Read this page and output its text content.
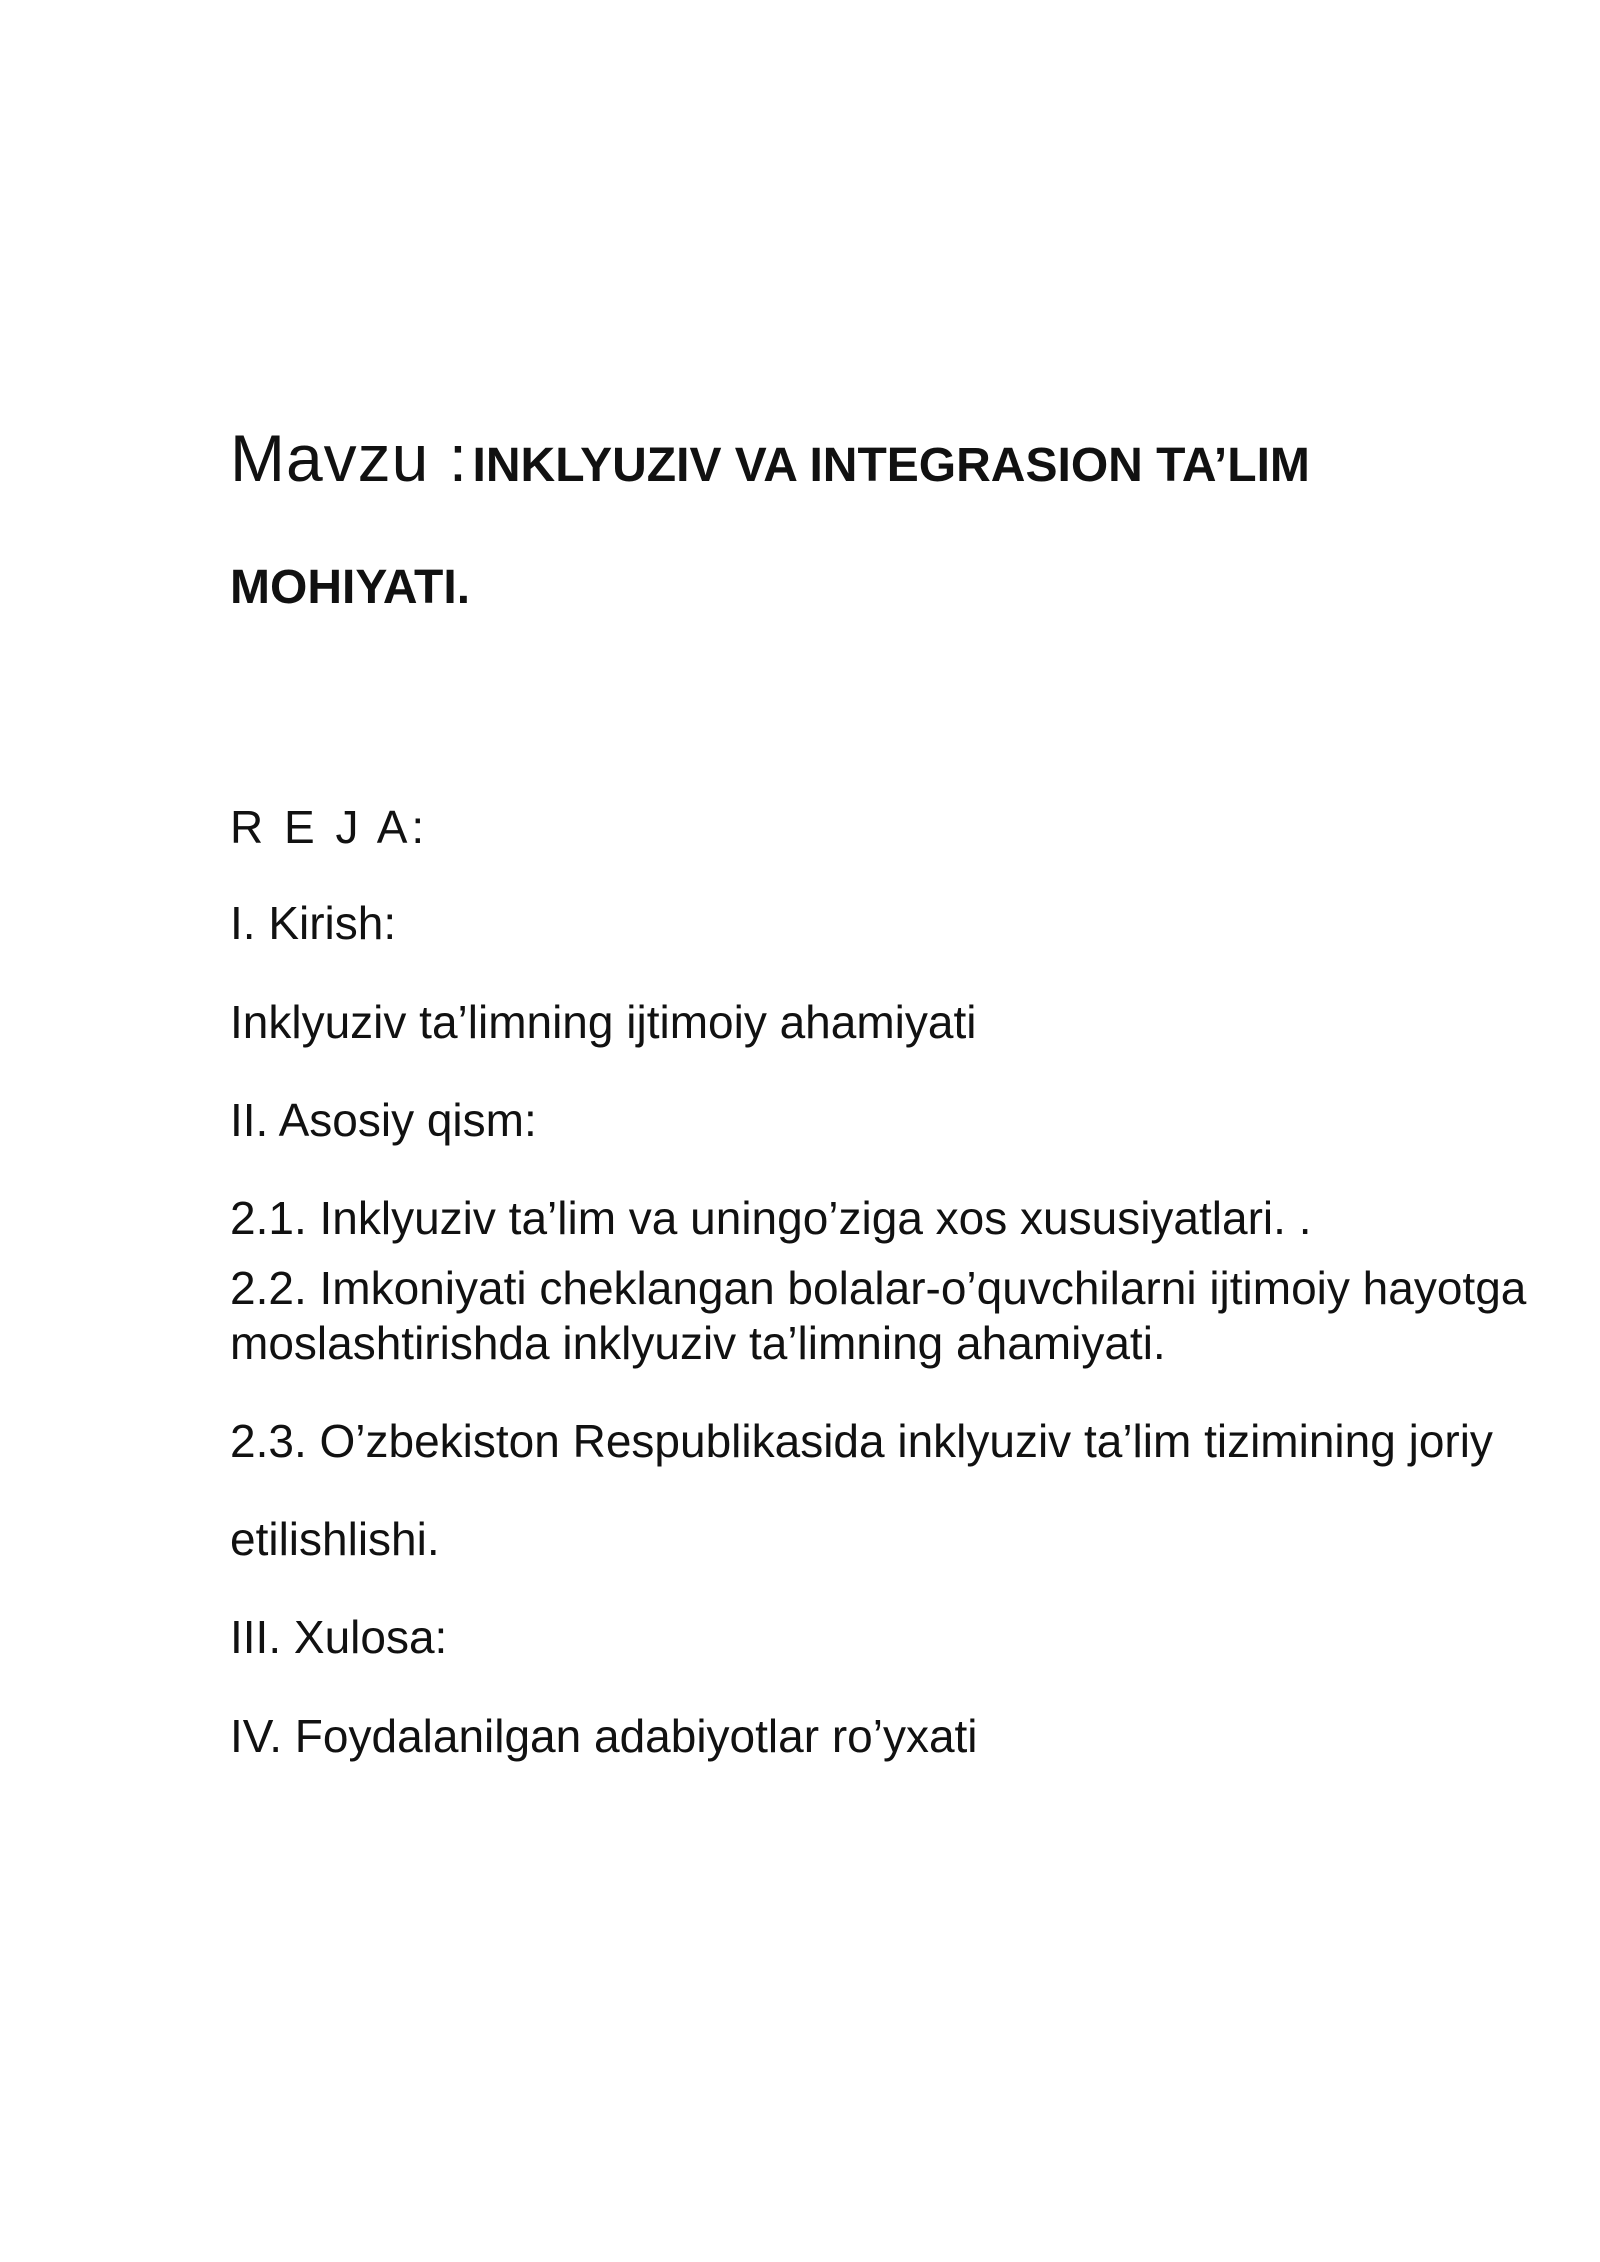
Mavzu : INKLYUZIV VA INTEGRASION TA’LIM
MOHIYATI.

R E J A:

I. Kirish:

Inklyuziv ta’limning ijtimoiy ahamiyati

II. Asosiy qism:

2.1. Inklyuziv ta’lim va uningo’ziga xos xususiyatlari. .

2.2. Imkoniyati cheklangan bolalar-o’quvchilarni ijtimoiy hayotga moslashtirishda inklyuziv ta’limning ahamiyati.

2.3. O’zbekiston Respublikasida inklyuziv ta’lim tizimining joriy

etilishlishi.

III. Xulosa:

IV. Foydalanilgan adabiyotlar ro’yxati
